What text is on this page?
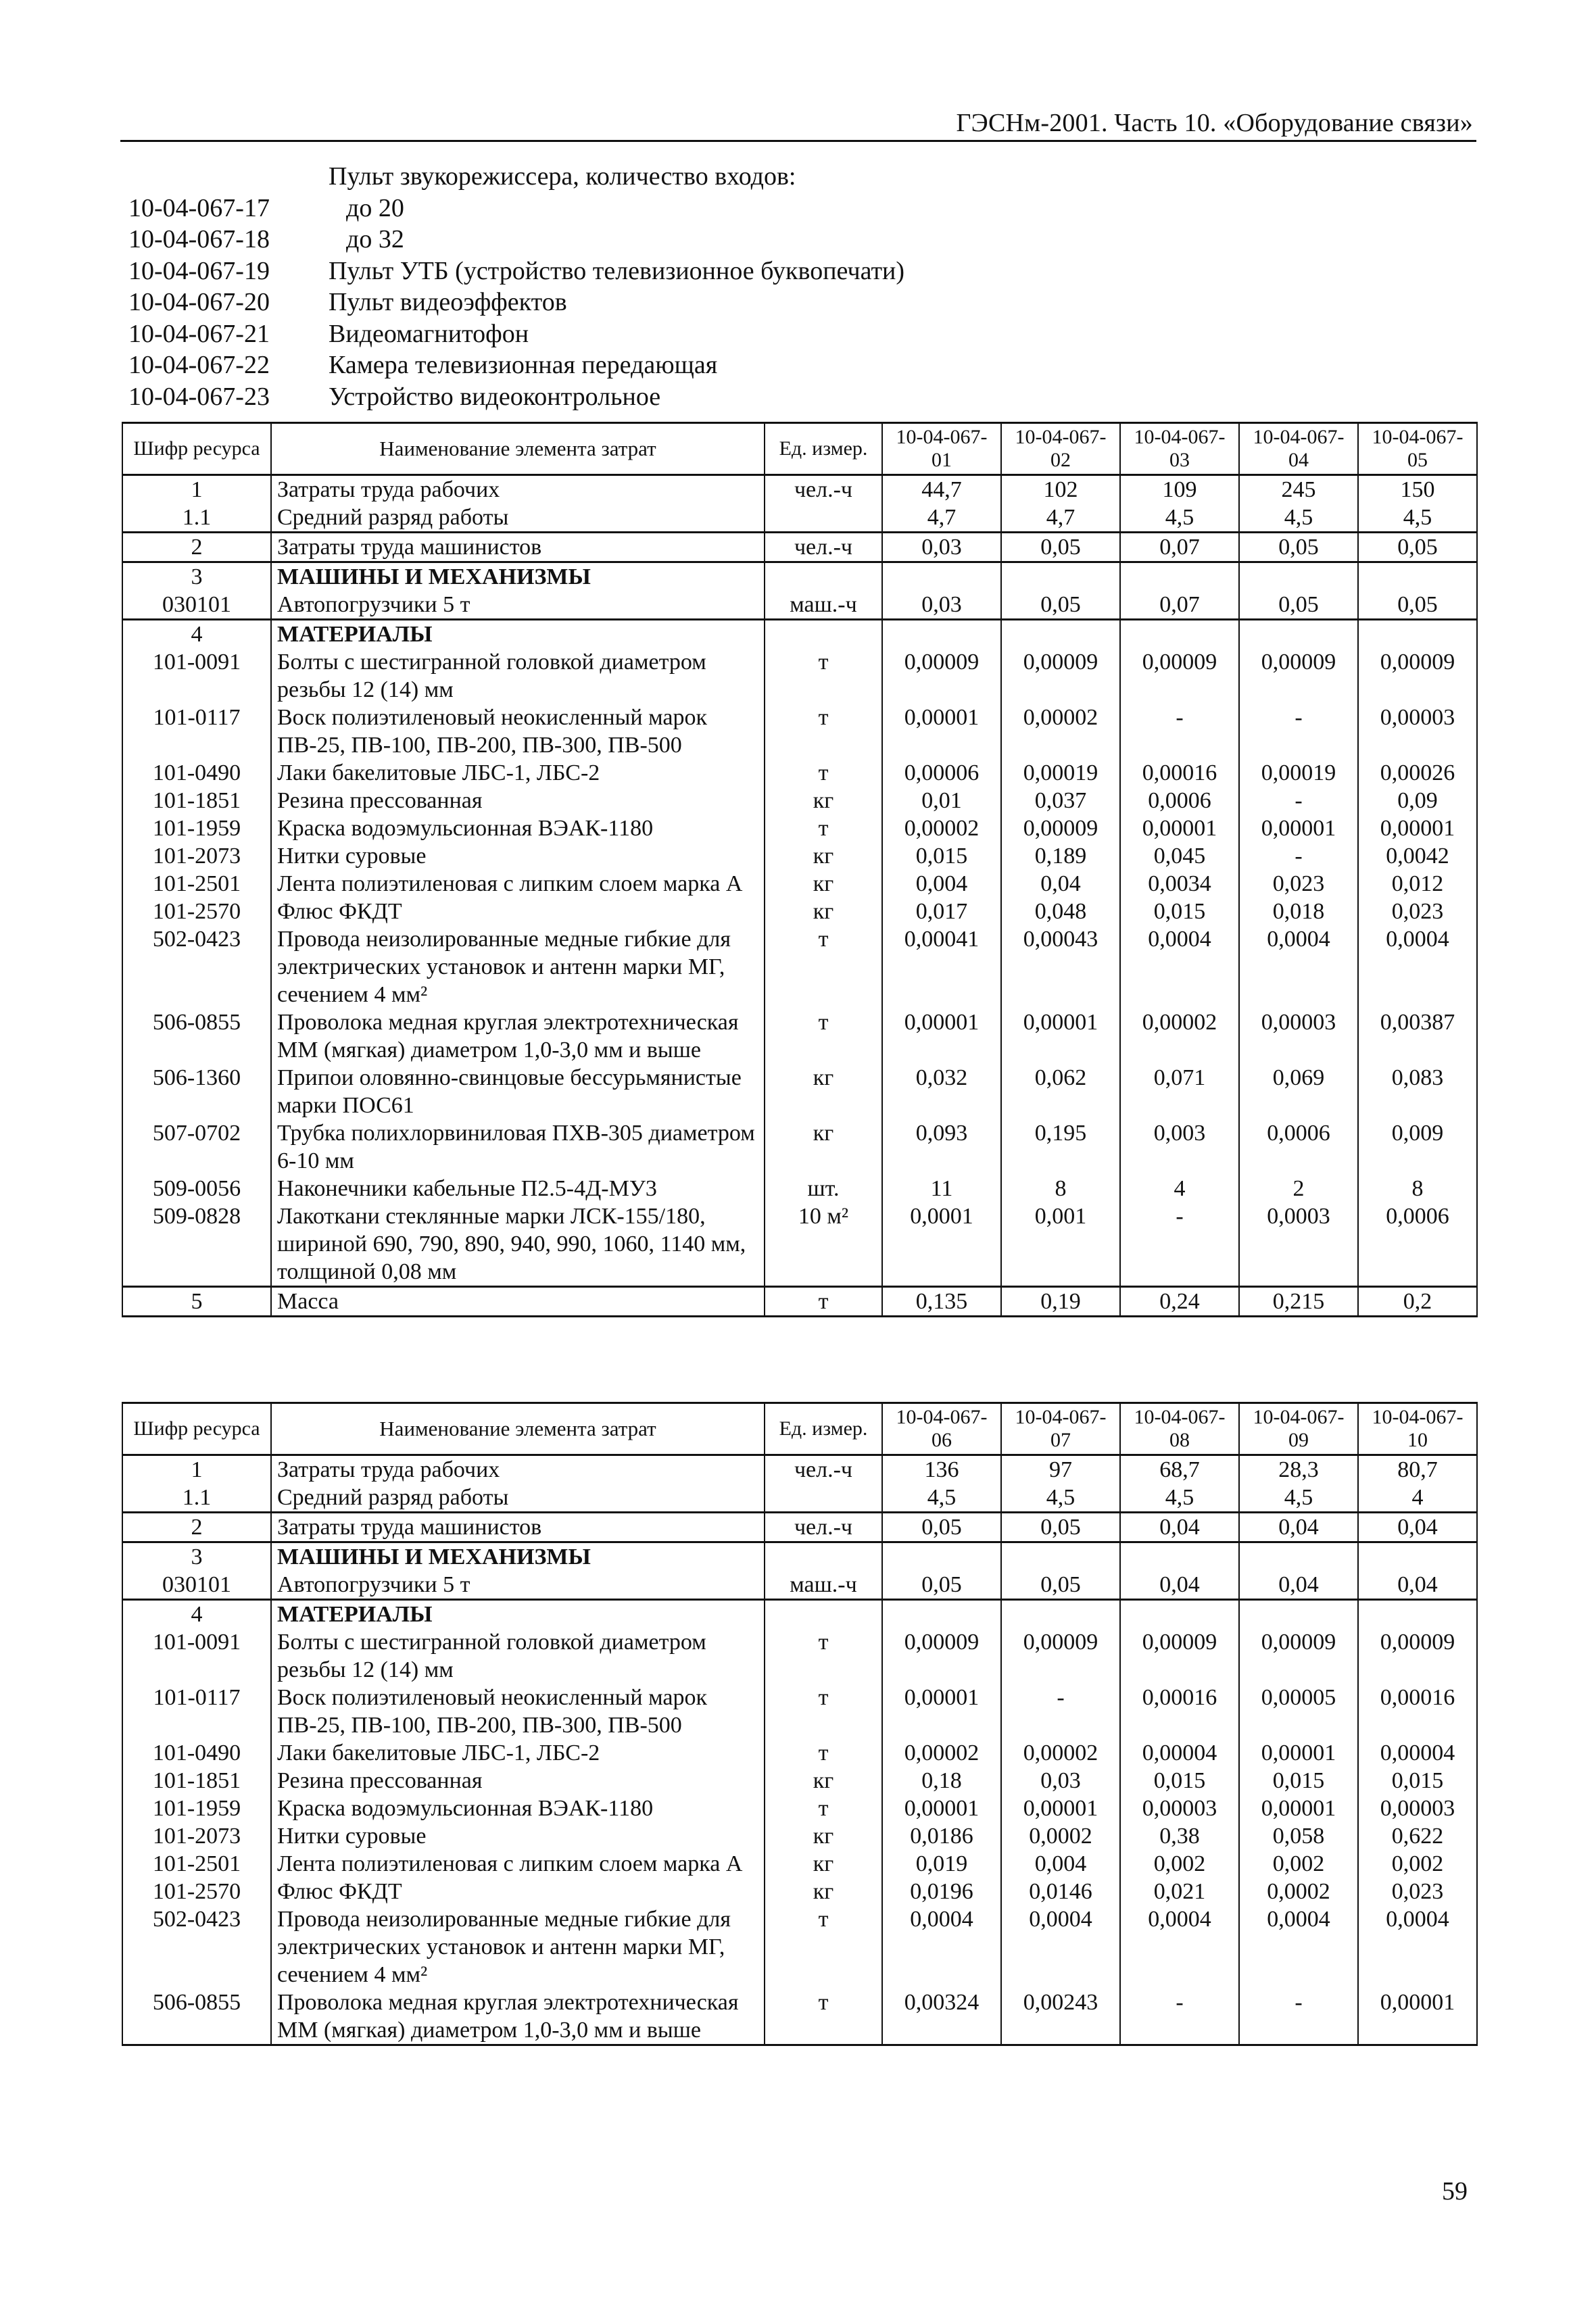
ГЭСНм-2001. Часть 10. «Оборудование связи»
Пульт звукорежиссера, количество входов:
10-04-067-17	до 20
10-04-067-18	до 32
10-04-067-19	Пульт УТБ (устройство телевизионное буквопечати)
10-04-067-20	Пульт видеоэффектов
10-04-067-21	Видеомагнитофон
10-04-067-22	Камера телевизионная передающая
10-04-067-23	Устройство видеоконтрольное
Шифр ресурса	Наименование элемента затрат	Ед. измер.	10-04-067-01	10-04-067-02	10-04-067-03	10-04-067-04	10-04-067-05
1	Затраты труда рабочих	чел.-ч	44,7	102	109	245	150
1.1	Средний разряд работы		4,7	4,7	4,5	4,5	4,5
2	Затраты труда машинистов	чел.-ч	0,03	0,05	0,07	0,05	0,05
3	МАШИНЫ И МЕХАНИЗМЫ						
030101	Автопогрузчики 5 т	маш.-ч	0,03	0,05	0,07	0,05	0,05
4	МАТЕРИАЛЫ						
101-0091	Болты с шестигранной головкой диаметром резьбы 12 (14) мм	т	0,00009	0,00009	0,00009	0,00009	0,00009
101-0117	Воск полиэтиленовый неокисленный марок ПВ-25, ПВ-100, ПВ-200, ПВ-300, ПВ-500	т	0,00001	0,00002	-	-	0,00003
101-0490	Лаки бакелитовые ЛБС-1, ЛБС-2	т	0,00006	0,00019	0,00016	0,00019	0,00026
101-1851	Резина прессованная	кг	0,01	0,037	0,0006	-	0,09
101-1959	Краска водоэмульсионная ВЭАК-1180	т	0,00002	0,00009	0,00001	0,00001	0,00001
101-2073	Нитки суровые	кг	0,015	0,189	0,045	-	0,0042
101-2501	Лента полиэтиленовая с липким слоем марка А	кг	0,004	0,04	0,0034	0,023	0,012
101-2570	Флюс ФКДТ	кг	0,017	0,048	0,015	0,018	0,023
502-0423	Провода неизолированные медные гибкие для электрических установок и антенн марки МГ, сечением 4 мм²	т	0,00041	0,00043	0,0004	0,0004	0,0004
506-0855	Проволока медная круглая электротехническая ММ (мягкая) диаметром 1,0-3,0 мм и выше	т	0,00001	0,00001	0,00002	0,00003	0,00387
506-1360	Припои оловянно-свинцовые бессурьмянистые марки ПОС61	кг	0,032	0,062	0,071	0,069	0,083
507-0702	Трубка полихлорвиниловая ПХВ-305 диаметром 6-10 мм	кг	0,093	0,195	0,003	0,0006	0,009
509-0056	Наконечники кабельные П2.5-4Д-МУ3	шт.	11	8	4	2	8
509-0828	Лакоткани стеклянные марки ЛСК-155/180, шириной 690, 790, 890, 940, 990, 1060, 1140 мм, толщиной 0,08 мм	10 м²	0,0001	0,001	-	0,0003	0,0006
5	Масса	т	0,135	0,19	0,24	0,215	0,2
Шифр ресурса	Наименование элемента затрат	Ед. измер.	10-04-067-06	10-04-067-07	10-04-067-08	10-04-067-09	10-04-067-10
1	Затраты труда рабочих	чел.-ч	136	97	68,7	28,3	80,7
1.1	Средний разряд работы		4,5	4,5	4,5	4,5	4
2	Затраты труда машинистов	чел.-ч	0,05	0,05	0,04	0,04	0,04
3	МАШИНЫ И МЕХАНИЗМЫ						
030101	Автопогрузчики 5 т	маш.-ч	0,05	0,05	0,04	0,04	0,04
4	МАТЕРИАЛЫ						
101-0091	Болты с шестигранной головкой диаметром резьбы 12 (14) мм	т	0,00009	0,00009	0,00009	0,00009	0,00009
101-0117	Воск полиэтиленовый неокисленный марок ПВ-25, ПВ-100, ПВ-200, ПВ-300, ПВ-500	т	0,00001	-	0,00016	0,00005	0,00016
101-0490	Лаки бакелитовые ЛБС-1, ЛБС-2	т	0,00002	0,00002	0,00004	0,00001	0,00004
101-1851	Резина прессованная	кг	0,18	0,03	0,015	0,015	0,015
101-1959	Краска водоэмульсионная ВЭАК-1180	т	0,00001	0,00001	0,00003	0,00001	0,00003
101-2073	Нитки суровые	кг	0,0186	0,0002	0,38	0,058	0,622
101-2501	Лента полиэтиленовая с липким слоем марка А	кг	0,019	0,004	0,002	0,002	0,002
101-2570	Флюс ФКДТ	кг	0,0196	0,0146	0,021	0,0002	0,023
502-0423	Провода неизолированные медные гибкие для электрических установок и антенн марки МГ, сечением 4 мм²	т	0,0004	0,0004	0,0004	0,0004	0,0004
506-0855	Проволока медная круглая электротехническая ММ (мягкая) диаметром 1,0-3,0 мм и выше	т	0,00324	0,00243	-	-	0,00001
59
